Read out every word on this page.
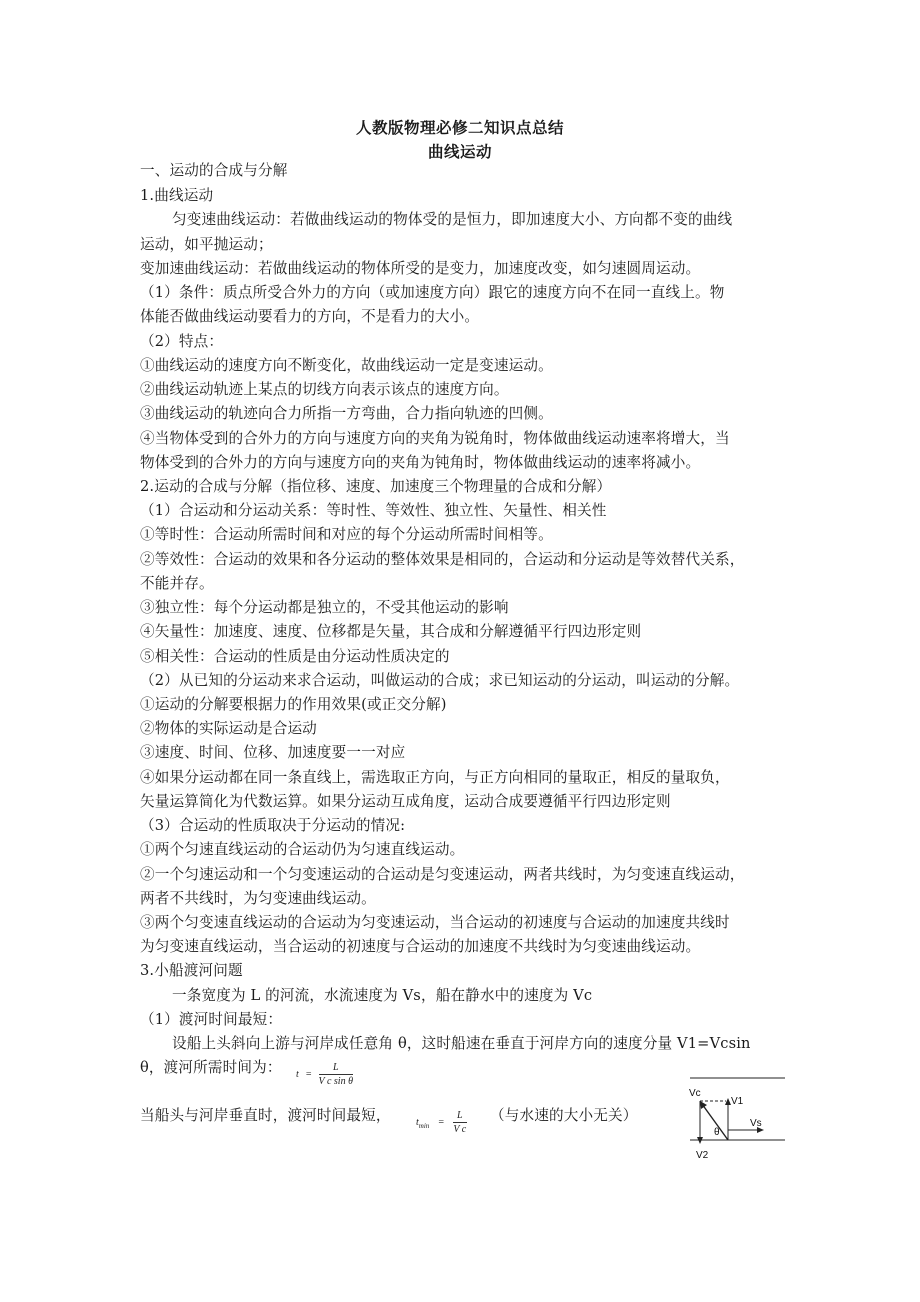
人教版物理必修二知识点总结
曲线运动
一、运动的合成与分解
1.曲线运动
匀变速曲线运动：若做曲线运动的物体受的是恒力，即加速度大小、方向都不变的曲线
运动，如平抛运动；
变加速曲线运动：若做曲线运动的物体所受的是变力，加速度改变，如匀速圆周运动。
（1）条件：质点所受合外力的方向（或加速度方向）跟它的速度方向不在同一直线上。物
体能否做曲线运动要看力的方向，不是看力的大小。
（2）特点：
①曲线运动的速度方向不断变化，故曲线运动一定是变速运动。
②曲线运动轨迹上某点的切线方向表示该点的速度方向。
③曲线运动的轨迹向合力所指一方弯曲，合力指向轨迹的凹侧。
④当物体受到的合外力的方向与速度方向的夹角为锐角时，物体做曲线运动速率将增大，当
物体受到的合外力的方向与速度方向的夹角为钝角时，物体做曲线运动的速率将减小。
2.运动的合成与分解（指位移、速度、加速度三个物理量的合成和分解）
（1）合运动和分运动关系：等时性、等效性、独立性、矢量性、相关性
①等时性：合运动所需时间和对应的每个分运动所需时间相等。
②等效性：合运动的效果和各分运动的整体效果是相同的，合运动和分运动是等效替代关系，
不能并存。
③独立性：每个分运动都是独立的，不受其他运动的影响
④矢量性：加速度、速度、位移都是矢量，其合成和分解遵循平行四边形定则
⑤相关性：合运动的性质是由分运动性质决定的
（2）从已知的分运动来求合运动，叫做运动的合成；求已知运动的分运动，叫运动的分解。
①运动的分解要根据力的作用效果(或正交分解)
②物体的实际运动是合运动
③速度、时间、位移、加速度要一一对应
④如果分运动都在同一条直线上，需选取正方向，与正方向相同的量取正，相反的量取负，
矢量运算简化为代数运算。如果分运动互成角度，运动合成要遵循平行四边形定则
（3）合运动的性质取决于分运动的情况:
①两个匀速直线运动的合运动仍为匀速直线运动。
②一个匀速运动和一个匀变速运动的合运动是匀变速运动，两者共线时，为匀变速直线运动，
两者不共线时，为匀变速曲线运动。
③两个匀变速直线运动的合运动为匀变速运动，当合运动的初速度与合运动的加速度共线时
为匀变速直线运动，当合运动的初速度与合运动的加速度不共线时为匀变速曲线运动。
3.小船渡河问题
一条宽度为 L 的河流，水流速度为 Vs，船在静水中的速度为 Vc
（1）渡河时间最短：
设船上头斜向上游与河岸成任意角 θ，这时船速在垂直于河岸方向的速度分量 V1=Vcsin
θ，渡河所需时间为： $t = \frac{L}{\text{V c sin θ}}$
当船头与河岸垂直时，渡河时间最短，	$t_{min} = \frac{L}{\text{V c}}$ （与水速的大小无关）
Vc
V1
Vs
θ
V2
